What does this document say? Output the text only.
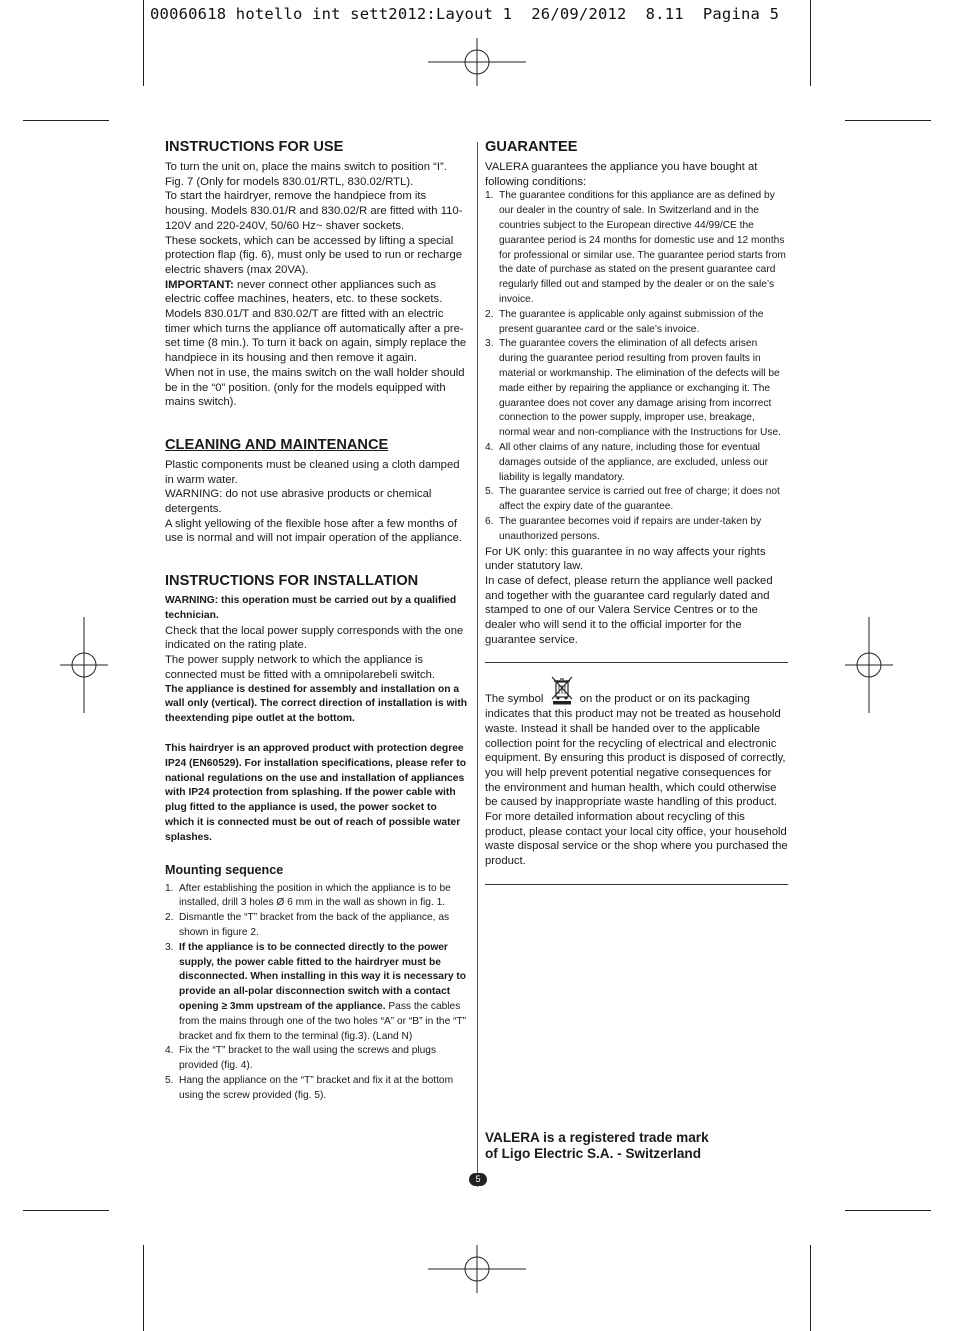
00060618 hotello int sett2012:Layout 1  26/09/2012  8.11  Pagina 5
INSTRUCTIONS FOR USE

To turn the unit on, place the mains switch to position “I”. Fig. 7 (Only for models 830.01/RTL, 830.02/RTL).

To start the hairdryer, remove the handpiece from its housing. Models 830.01/R and 830.02/R are fitted with 110-120V and 220-240V, 50/60 Hz~ shaver sockets.

These sockets, which can be accessed by lifting a special protection flap (fig. 6), must only be used to run or recharge electric shavers (max 20VA).

IMPORTANT: never connect other appliances such as electric coffee machines, heaters, etc. to these sockets. Models 830.01/T and 830.02/T are fitted with an electric timer which turns the appliance off automatically after a pre-set time (8 min.). To turn it back on again, simply replace the handpiece in its housing and then remove it again.

When not in use, the mains switch on the wall holder should be in the “0” position. (only for the models equipped with mains switch).

CLEANING AND MAINTENANCE

Plastic components must be cleaned using a cloth damped in warm water.

WARNING: do not use abrasive products or chemical detergents.

A slight yellowing of the flexible hose after a few months of use is normal and will not impair operation of the appliance.

INSTRUCTIONS FOR INSTALLATION

WARNING: this operation must be carried out by a qualified technician.

Check that the local power supply corresponds with the one indicated on the rating plate.

The power supply network to which the appliance is connected must be fitted with a omnipolarebeli switch.

The appliance is destined for assembly and installation on a wall only (vertical). The correct direction of installation is with theextending pipe outlet at the bottom.

This hairdryer is an approved product with protection degree IP24 (EN60529). For installation specifications, please refer to national regulations on the use and installation of appliances with IP24 protection from splashing. If the power cable with plug fitted to the appliance is used, the power socket to which it is connected must be out of reach of possible water splashes.

Mounting sequence
1. After establishing the position in which the appliance is to be installed, drill 3 holes Ø 6 mm in the wall as shown in fig. 1.
2. Dismantle the “T” bracket from the back of the appliance, as shown in figure 2.
3. If the appliance is to be connected directly to the power supply, the power cable fitted to the hairdryer must be disconnected. When installing in this way it is necessary to provide an all-polar disconnection switch with a contact opening ≥ 3mm upstream of the appliance. Pass the cables from the mains through one of the two holes “A” or “B” in the “T” bracket and fix them to the terminal (fig.3). (Land N)
4. Fix the “T” bracket to the wall using the screws and plugs provided (fig. 4).
5. Hang the appliance on the “T” bracket and fix it at the bottom using the screw provided (fig. 5).
GUARANTEE

VALERA guarantees the appliance you have bought at following conditions:

1. The guarantee conditions for this appliance are as defined by our dealer in the country of sale. In Switzerland and in the countries subject to the European directive 44/99/CE the guarantee period is 24 months for domestic use and 12 months for professional or similar use. The guarantee period starts from the date of purchase as stated on the present guarantee card regularly filled out and stamped by the dealer or on the sale’s invoice.
2. The guarantee is applicable only against submission of the present guarantee card or the sale’s invoice.
3. The guarantee covers the elimination of all defects arisen during the guarantee period resulting from proven faults in material or workmanship. The elimination of the defects will be made either by repairing the appliance or exchanging it. The guarantee does not cover any damage arising from incorrect connection to the power supply, improper use, breakage, normal wear and non-compliance with the Instructions for Use.
4. All other claims of any nature, including those for eventual damages outside of the appliance, are excluded, unless our liability is legally mandatory.
5. The guarantee service is carried out free of charge; it does not affect the expiry date of the guarantee.
6. The guarantee becomes void if repairs are under-taken by unauthorized persons.

For UK only: this guarantee in no way affects your rights under statutory law.

In case of defect, please return the appliance well packed and together with the guarantee card regularly dated and stamped to one of our Valera Service Centres or to the dealer who will send it to the official importer for the guarantee service.

The symbol	on the product or on its packaging indicates that this product may not be treated as household waste. Instead it shall be handed over to the applicable collection point for the recycling of electrical and electronic equipment. By ensuring this product is disposed of correctly, you will help prevent potential negative consequences for the environment and human health, which could otherwise be caused by inappropriate waste handling of this product. For more detailed information about recycling of this product, please contact your local city office, your household waste disposal service or the shop where you purchased the product.

VALERA is a registered trade mark
of Ligo Electric S.A. - Switzerland
5
